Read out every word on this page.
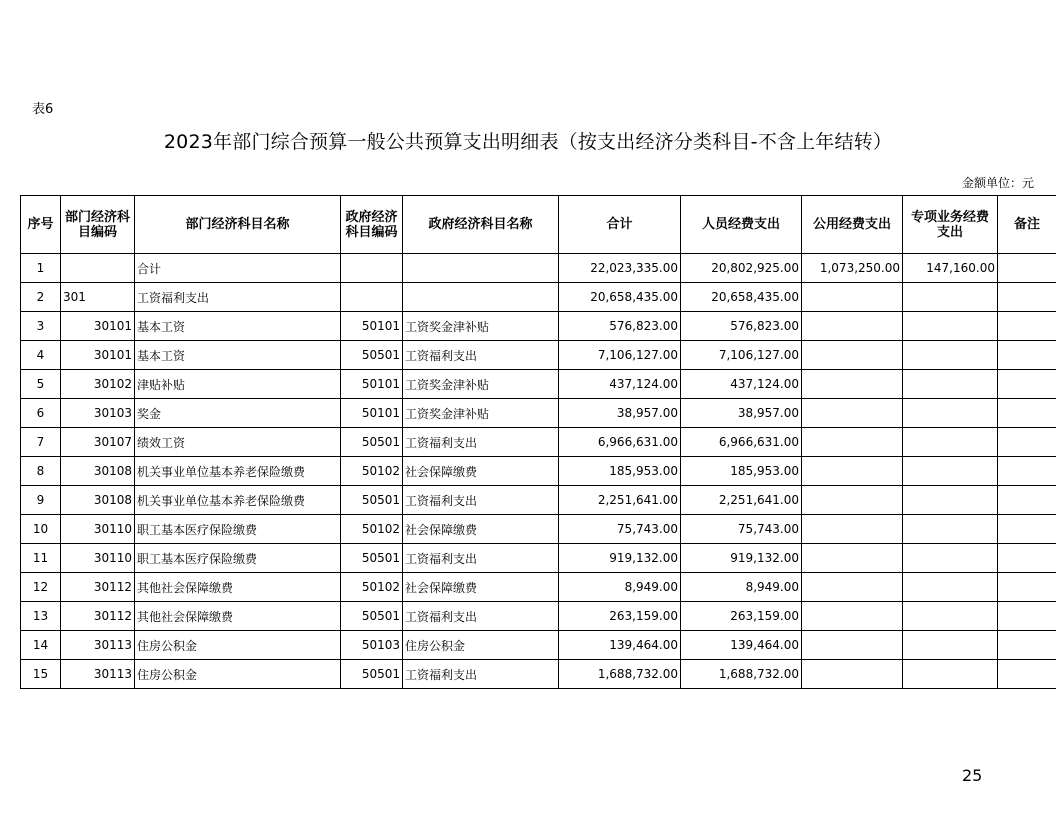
表6
2023年部门综合预算一般公共预算支出明细表（按支出经济分类科目-不含上年结转）
金额单位：元
序号	部门经济科目编码	部门经济科目名称	政府经济科目编码	政府经济科目名称	合计	人员经费支出	公用经费支出	专项业务经费支出	备注
1		合计			22,023,335.00	20,802,925.00	1,073,250.00	147,160.00	
2	301	工资福利支出			20,658,435.00	20,658,435.00			
3	30101	基本工资	50101	工资奖金津补贴	576,823.00	576,823.00			
4	30101	基本工资	50501	工资福利支出	7,106,127.00	7,106,127.00			
5	30102	津贴补贴	50101	工资奖金津补贴	437,124.00	437,124.00			
6	30103	奖金	50101	工资奖金津补贴	38,957.00	38,957.00			
7	30107	绩效工资	50501	工资福利支出	6,966,631.00	6,966,631.00			
8	30108	机关事业单位基本养老保险缴费	50102	社会保障缴费	185,953.00	185,953.00			
9	30108	机关事业单位基本养老保险缴费	50501	工资福利支出	2,251,641.00	2,251,641.00			
10	30110	职工基本医疗保险缴费	50102	社会保障缴费	75,743.00	75,743.00			
11	30110	职工基本医疗保险缴费	50501	工资福利支出	919,132.00	919,132.00			
12	30112	其他社会保障缴费	50102	社会保障缴费	8,949.00	8,949.00			
13	30112	其他社会保障缴费	50501	工资福利支出	263,159.00	263,159.00			
14	30113	住房公积金	50103	住房公积金	139,464.00	139,464.00			
15	30113	住房公积金	50501	工资福利支出	1,688,732.00	1,688,732.00			
25
